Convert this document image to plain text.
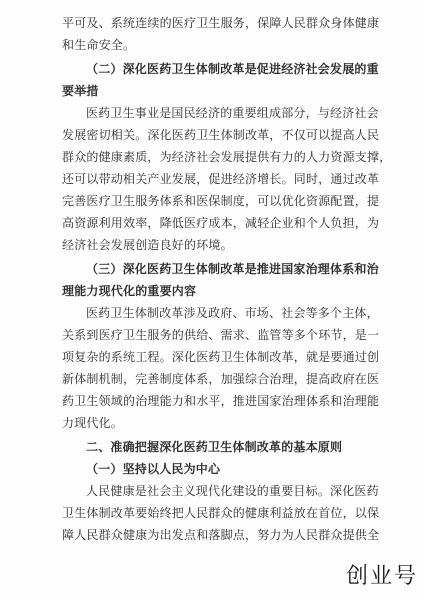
平可及、系统连续的医疗卫生服务，保障人民群众身体健康
和生命安全。
（二）深化医药卫生体制改革是促进经济社会发展的重
要举措
医药卫生事业是国民经济的重要组成部分，与经济社会
发展密切相关。深化医药卫生体制改革，不仅可以提高人民
群众的健康素质，为经济社会发展提供有力的人力资源支撑，
还可以带动相关产业发展，促进经济增长。同时，通过改革
完善医疗卫生服务体系和医保制度，可以优化资源配置，提
高资源利用效率，降低医疗成本，减轻企业和个人负担，为
经济社会发展创造良好的环境。
（三）深化医药卫生体制改革是推进国家治理体系和治
理能力现代化的重要内容
医药卫生体制改革涉及政府、市场、社会等多个主体，
关系到医疗卫生服务的供给、需求、监管等多个环节，是一
项复杂的系统工程。深化医药卫生体制改革，就是要通过创
新体制机制，完善制度体系，加强综合治理，提高政府在医
药卫生领域的治理能力和水平，推进国家治理体系和治理能
力现代化。
二、准确把握深化医药卫生体制改革的基本原则
（一）坚持以人民为中心
人民健康是社会主义现代化建设的重要目标。深化医药
卫生体制改革要始终把人民群众的健康利益放在首位，以保
障人民群众健康为出发点和落脚点，努力为人民群众提供全
创业号
